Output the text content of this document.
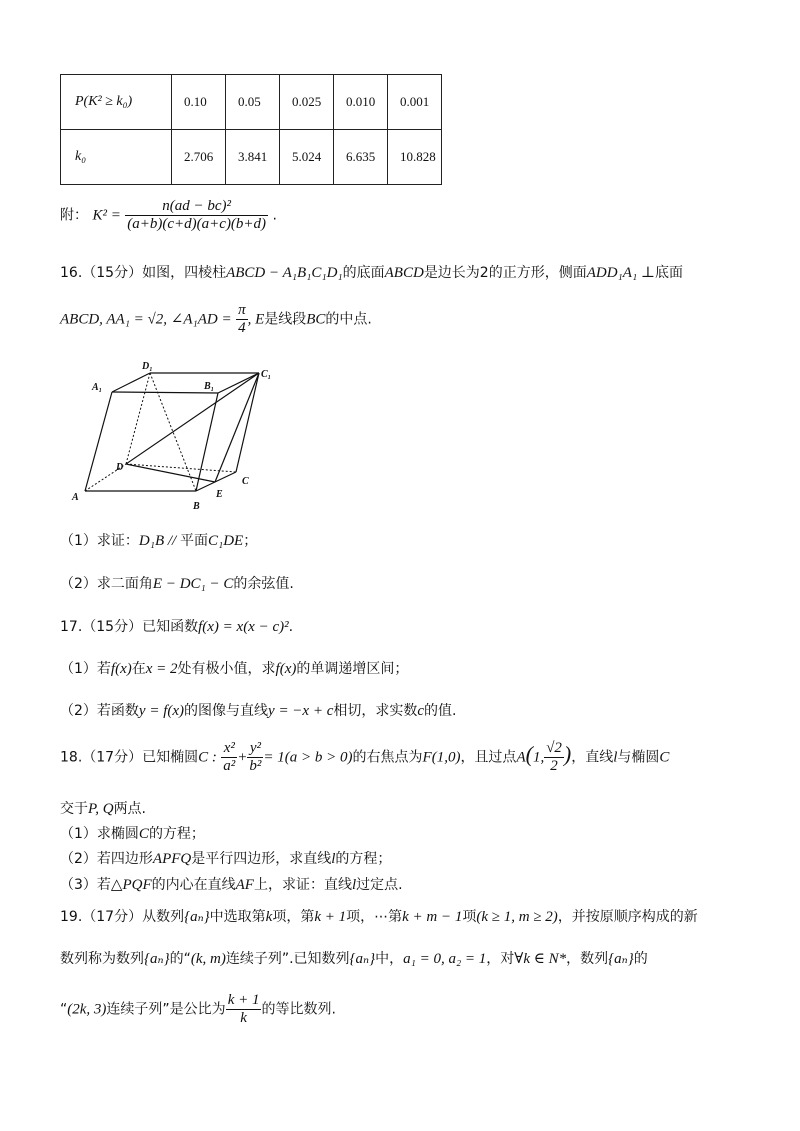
P(K² ≥ k₀)	0.10	0.05	0.025	0.010	0.001
k₀	2.706	3.841	5.024	6.635	10.828
附： $K^2 = \frac{\text{n(ad − bc)²}}{(a+b)(c+d)(a+c)(b+d)}$ .
16.（15分）如图，四棱柱ABCD − A₁B₁C₁D₁的底面ABCD是边长为2的正方形，侧面ADD₁A₁ ⊥底面
ABCD, AA₁ = √2, ∠A₁AD = $\frac{\pi}{4}$ , E是线段BC的中点.
D₁
C₁
A₁	B₁
D
A
B
E
C
（1）求证：D₁B // 平面C₁DE；
（2）求二面角E − DC₁ − C的余弦值.
17.（15分）已知函数f(x) = x(x − c)².
（1）若f(x)在x = 2处有极小值，求f(x)的单调递增区间；
（2）若函数y = f(x)的图像与直线y = −x + c相切，求实数c的值.
18.（17分）已知椭圆C : $\frac{\text{x²}}{\text{a²}} + \frac{\text{y²}}{\text{b²}} = 1(a > b > 0)$的右焦点为F(1,0)，且过点A(1, $\frac{√2}{2}$ )，直线l与椭圆C
交于P, Q两点.
（1）求椭圆C的方程；
（2）若四边形APFQ是平行四边形，求直线l的方程；
（3）若△PQF的内心在直线AF上，求证：直线l过定点.
19.（17分）从数列{aₙ}中选取第k项，第k + 1项，⋯第k + m − 1项(k ≥ 1, m ≥ 2)，并按原顺序构成的新
数列称为数列{aₙ}的“(k, m)连续子列”.已知数列{aₙ}中，a₁ = 0, a₂ = 1，对∀k ∈ N*，数列{aₙ}的
“(2k, 3)连续子列”是公比为 $\frac{k + 1}{k}$ 的等比数列.
